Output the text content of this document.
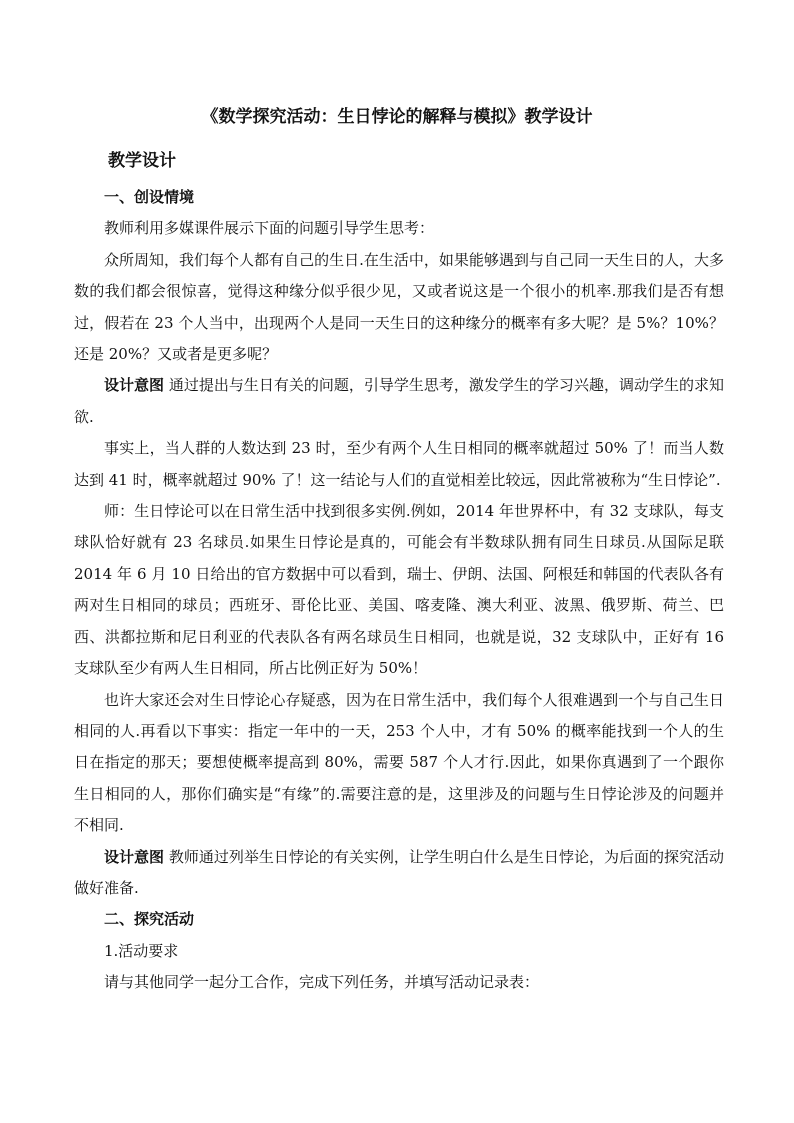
《数学探究活动：生日悖论的解释与模拟》教学设计
教学设计

一、创设情境

教师利用多媒课件展示下面的问题引导学生思考：

众所周知，我们每个人都有自己的生日.在生活中，如果能够遇到与自己同一天生日的人，大多数的我们都会很惊喜，觉得这种缘分似乎很少见，又或者说这是一个很小的机率.那我们是否有想过，假若在 23 个人当中，出现两个人是同一天生日的这种缘分的概率有多大呢？是 5%？10%？还是 20%？又或者是更多呢？

设计意图 通过提出与生日有关的问题，引导学生思考，激发学生的学习兴趣，调动学生的求知欲.

事实上，当人群的人数达到 23 时，至少有两个人生日相同的概率就超过 50% 了！而当人数达到 41 时，概率就超过 90% 了！这一结论与人们的直觉相差比较远，因此常被称为“生日悖论”.

师：生日悖论可以在日常生活中找到很多实例.例如，2014 年世界杯中，有 32 支球队，每支球队恰好就有 23 名球员.如果生日悖论是真的，可能会有半数球队拥有同生日球员.从国际足联 2014 年 6 月 10 日给出的官方数据中可以看到，瑞士、伊朗、法国、阿根廷和韩国的代表队各有两对生日相同的球员；西班牙、哥伦比亚、美国、喀麦隆、澳大利亚、波黑、俄罗斯、荷兰、巴西、洪都拉斯和尼日利亚的代表队各有两名球员生日相同，也就是说，32 支球队中，正好有 16 支球队至少有两人生日相同，所占比例正好为 50%！

也许大家还会对生日悖论心存疑惑，因为在日常生活中，我们每个人很难遇到一个与自己生日相同的人.再看以下事实：指定一年中的一天，253 个人中，才有 50% 的概率能找到一个人的生日在指定的那天；要想使概率提高到 80%，需要 587 个人才行.因此，如果你真遇到了一个跟你生日相同的人，那你们确实是“有缘”的.需要注意的是，这里涉及的问题与生日悖论涉及的问题并不相同.

设计意图 教师通过列举生日悖论的有关实例，让学生明白什么是生日悖论，为后面的探究活动做好准备.

二、探究活动

1.活动要求

请与其他同学一起分工合作，完成下列任务，并填写活动记录表：
